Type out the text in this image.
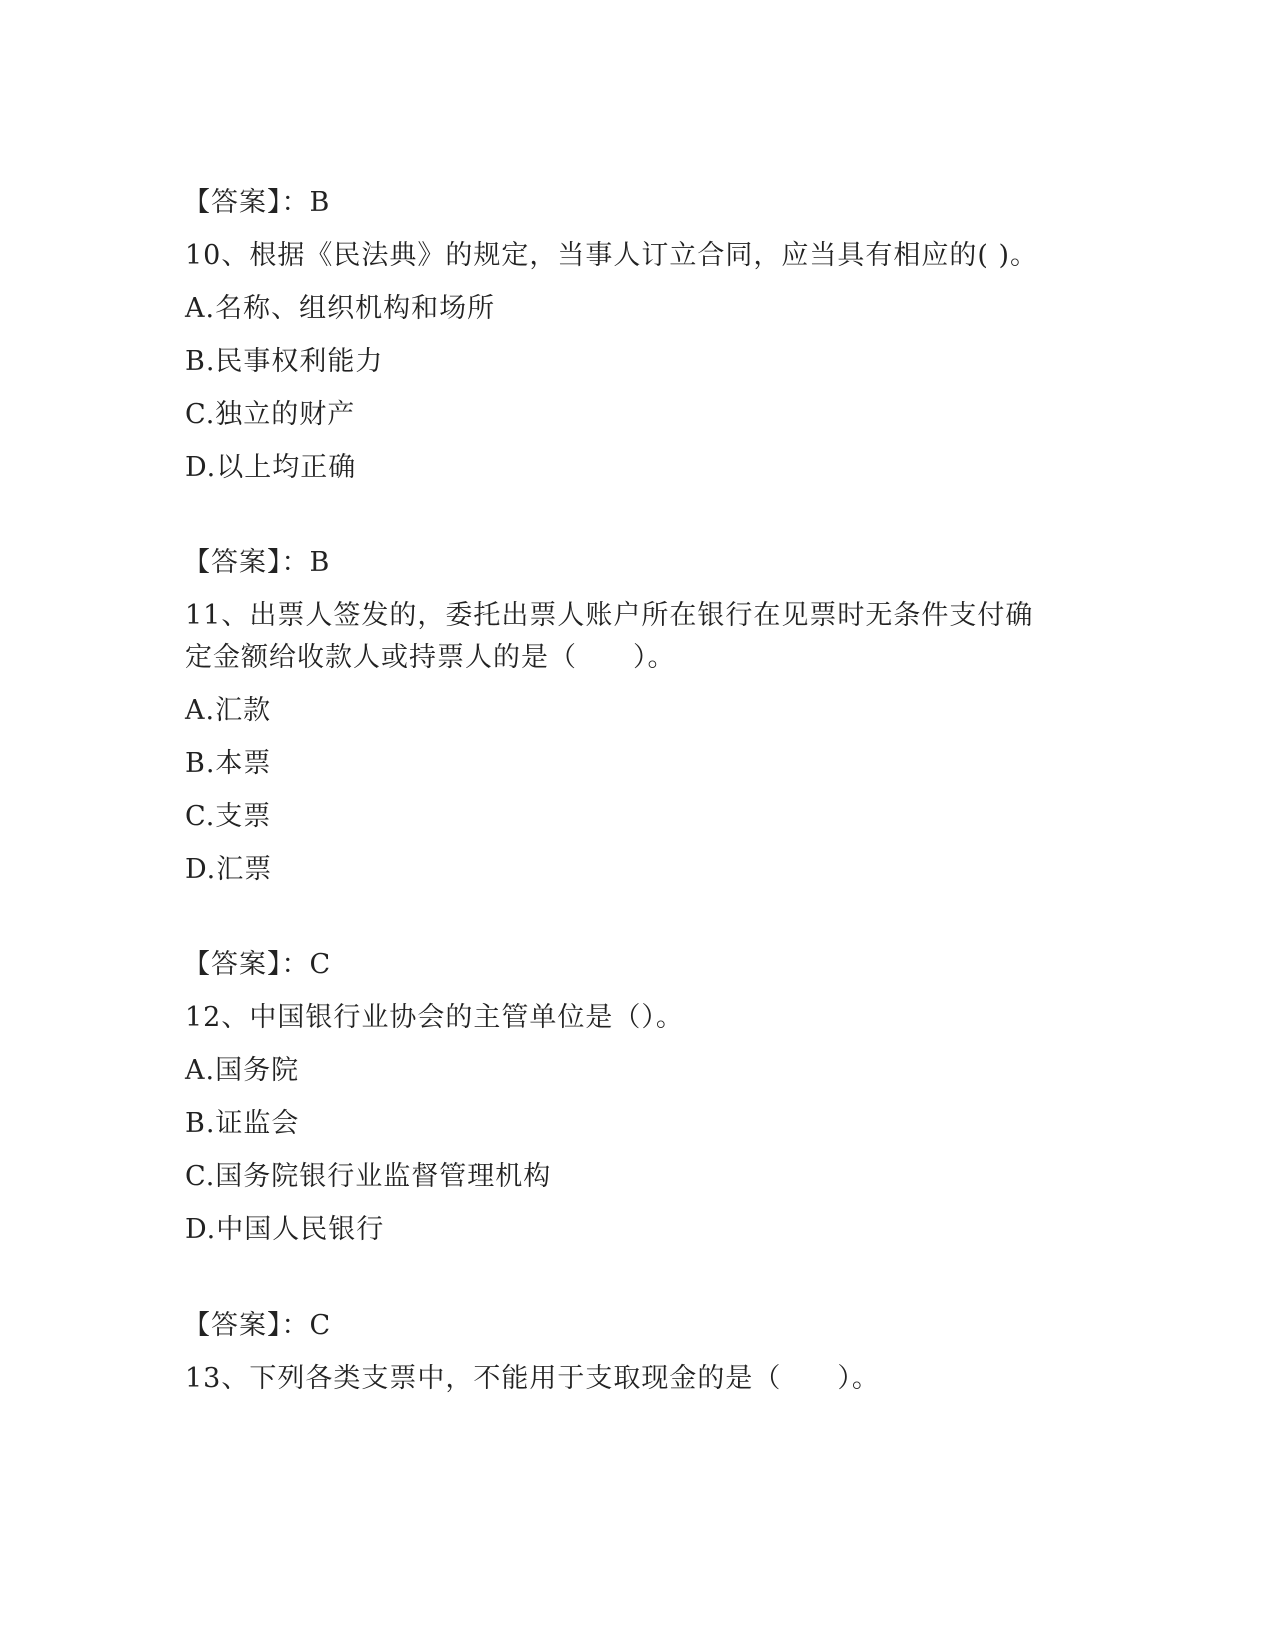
【答案】：B
10、根据《民法典》的规定，当事人订立合同，应当具有相应的( )。
A.名称、组织机构和场所
B.民事权利能力
C.独立的财产
D.以上均正确
【答案】：B
11、出票人签发的，委托出票人账户所在银行在见票时无条件支付确
定金额给收款人或持票人的是（　　）。
A.汇款
B.本票
C.支票
D.汇票
【答案】：C
12、中国银行业协会的主管单位是（）。
A.国务院
B.证监会
C.国务院银行业监督管理机构
D.中国人民银行
【答案】：C
13、下列各类支票中，不能用于支取现金的是（　　）。
